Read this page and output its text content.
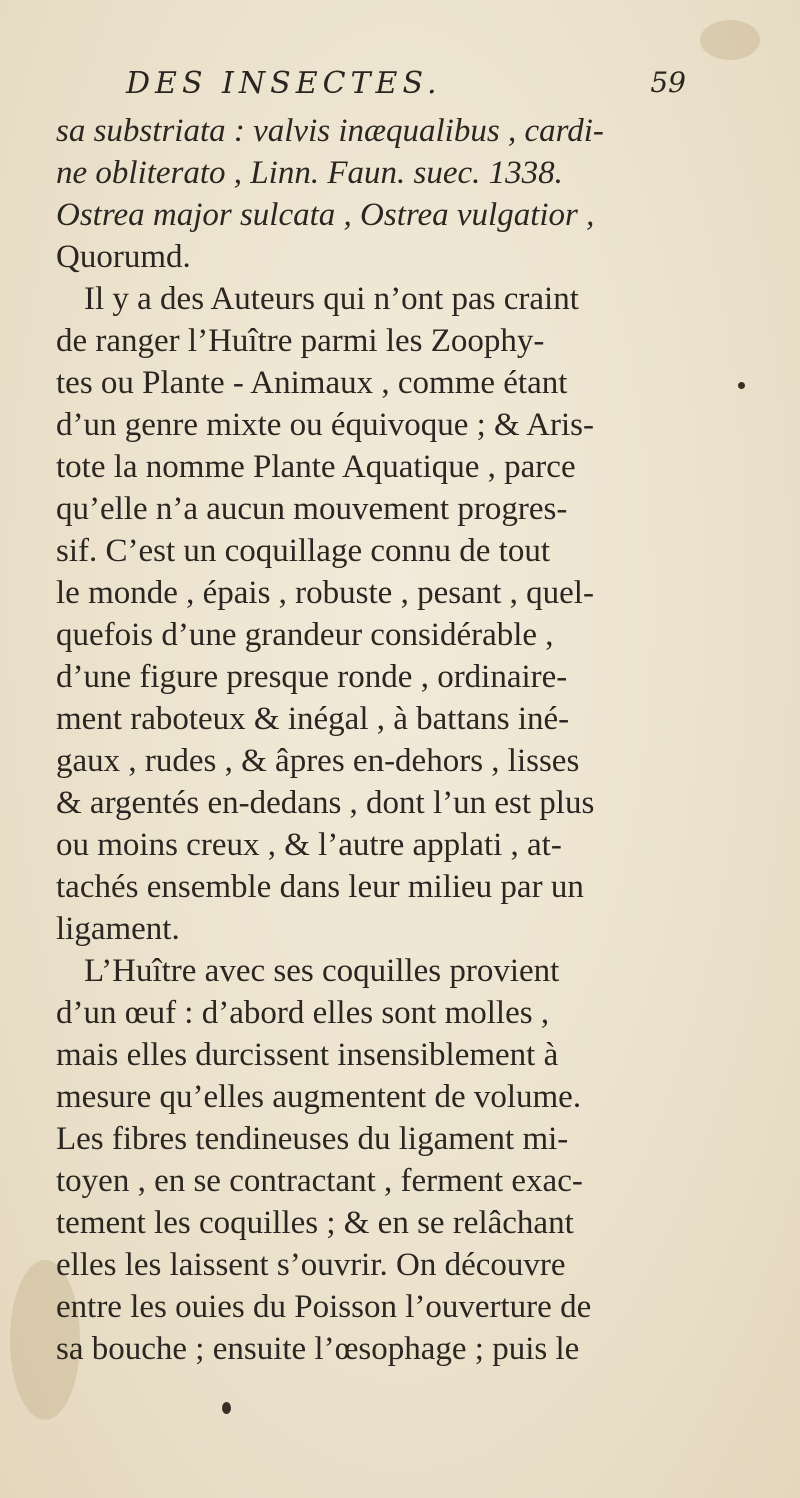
DES INSECTES.	59
sa substriata : valvis inæqualibus , cardi-
ne obliterato , Linn. Faun. suec. 1338.
Ostrea major sulcata , Ostrea vulgatior ,
Quorumd.
Il y a des Auteurs qui n’ont pas craint
de ranger l’Huître parmi les Zoophy-
tes ou Plante - Animaux , comme étant
d’un genre mixte ou équivoque ; & Aris-
tote la nomme Plante Aquatique , parce
qu’elle n’a aucun mouvement progres-
sif. C’est un coquillage connu de tout
le monde , épais , robuste , pesant , quel-
quefois d’une grandeur considérable ,
d’une figure presque ronde , ordinaire-
ment raboteux & inégal , à battans iné-
gaux , rudes , & âpres en-dehors , lisses
& argentés en-dedans , dont l’un est plus
ou moins creux , & l’autre applati , at-
tachés ensemble dans leur milieu par un
ligament.
L’Huître avec ses coquilles provient
d’un œuf : d’abord elles sont molles ,
mais elles durcissent insensiblement à
mesure qu’elles augmentent de volume.
Les fibres tendineuses du ligament mi-
toyen , en se contractant , ferment exac-
tement les coquilles ; & en se relâchant
elles les laissent s’ouvrir. On découvre
entre les ouies du Poisson l’ouverture de
sa bouche ; ensuite l’œsophage ; puis le
